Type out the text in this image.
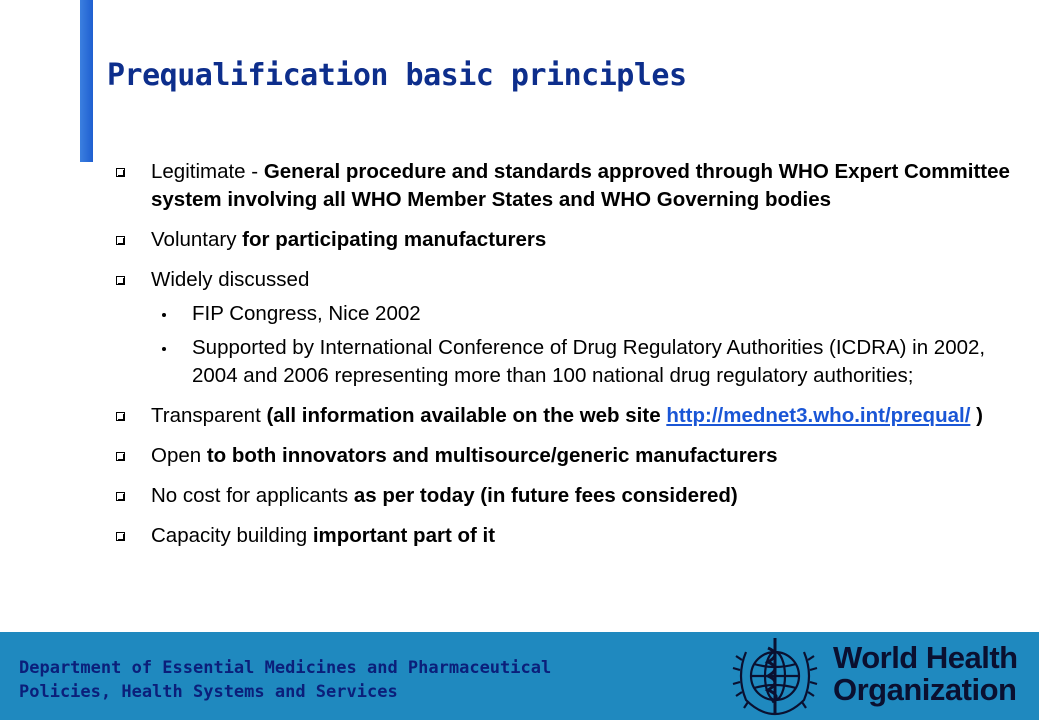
Prequalification basic principles
Legitimate - General procedure and standards approved through WHO Expert Committee system involving all WHO Member States and WHO Governing bodies
Voluntary for participating manufacturers
Widely discussed
FIP Congress, Nice 2002
Supported by International Conference of Drug Regulatory Authorities (ICDRA) in 2002, 2004 and 2006 representing more than 100 national drug regulatory authorities;
Transparent (all information available on the web site http://mednet3.who.int/prequal/ )
Open to both innovators and multisource/generic manufacturers
No cost for applicants as per today (in future fees considered)
Capacity building important part of it
Department of Essential Medicines and Pharmaceutical
Policies, Health Systems and Services
World Health
Organization
